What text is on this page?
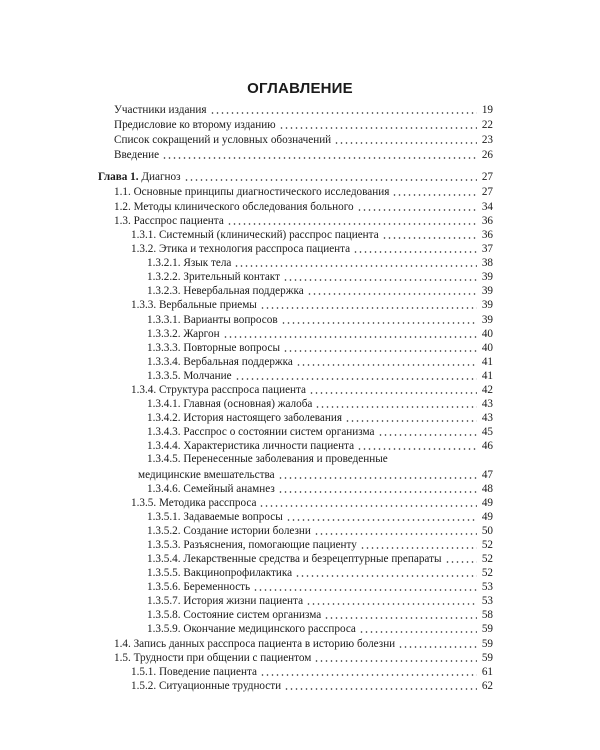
ОГЛАВЛЕНИЕ
Участники издания	19
Предисловие ко второму изданию	22
Список сокращений и условных обозначений	23
Введение	26
Глава 1. Диагноз	27
1.1. Основные принципы диагностического исследования	27
1.2. Методы клинического обследования больного	34
1.3. Расспрос пациента	36
1.3.1. Системный (клинический) расспрос пациента	36
1.3.2. Этика и технология расспроса пациента	37
1.3.2.1. Язык тела	38
1.3.2.2. Зрительный контакт	39
1.3.2.3. Невербальная поддержка	39
1.3.3. Вербальные приемы	39
1.3.3.1. Варианты вопросов	39
1.3.3.2. Жаргон	40
1.3.3.3. Повторные вопросы	40
1.3.3.4. Вербальная поддержка	41
1.3.3.5. Молчание	41
1.3.4. Структура расспроса пациента	42
1.3.4.1. Главная (основная) жалоба	43
1.3.4.2. История настоящего заболевания	43
1.3.4.3. Расспрос о состоянии систем организма	45
1.3.4.4. Характеристика личности пациента	46
1.3.4.5. Перенесенные заболевания и проведенные
медицинские вмешательства	47
1.3.4.6. Семейный анамнез	48
1.3.5. Методика расспроса	49
1.3.5.1. Задаваемые вопросы	49
1.3.5.2. Создание истории болезни	50
1.3.5.3. Разъяснения, помогающие пациенту	52
1.3.5.4. Лекарственные средства и безрецептурные препараты	52
1.3.5.5. Вакцинопрофилактика	52
1.3.5.6. Беременность	53
1.3.5.7. История жизни пациента	53
1.3.5.8. Состояние систем организма	58
1.3.5.9. Окончание медицинского расспроса	59
1.4. Запись данных расспроса пациента в историю болезни	59
1.5. Трудности при общении с пациентом	59
1.5.1. Поведение пациента	61
1.5.2. Ситуационные трудности	62
